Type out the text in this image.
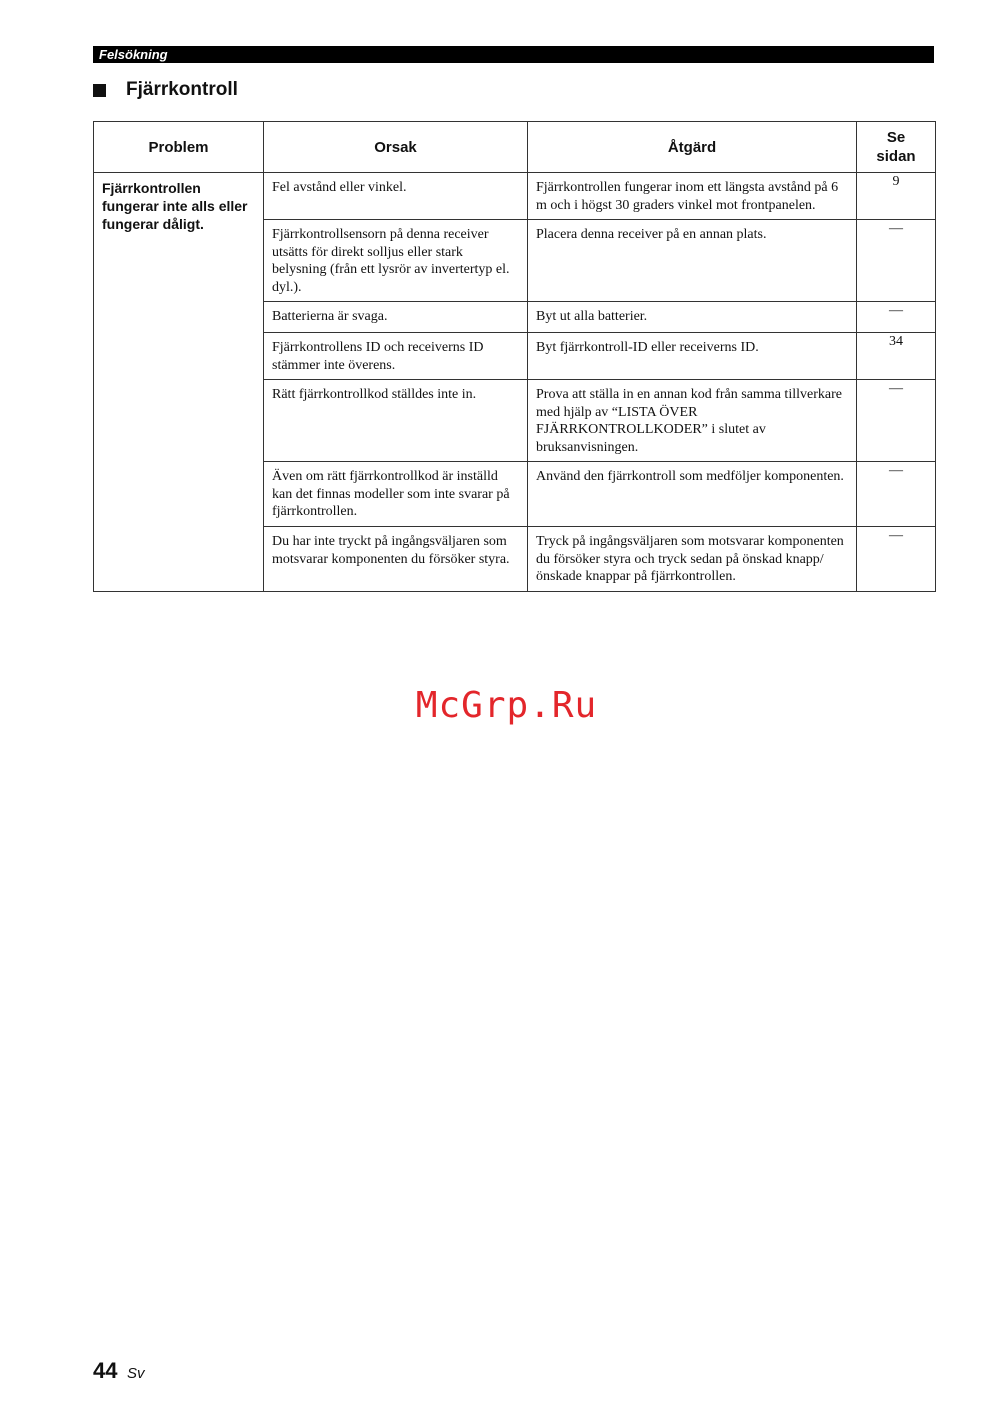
Felsökning
Fjärrkontroll
Problem	Orsak	Åtgärd	Se sidan
Fjärrkontrollen fungerar inte alls eller fungerar dåligt.	Fel avstånd eller vinkel.	Fjärrkontrollen fungerar inom ett längsta avstånd på 6 m och i högst 30 graders vinkel mot frontpanelen.	9
	Fjärrkontrollsensorn på denna receiver utsätts för direkt solljus eller stark belysning (från ett lysrör av invertertyp el. dyl.).	Placera denna receiver på en annan plats.	—
	Batterierna är svaga.	Byt ut alla batterier.	—
	Fjärrkontrollens ID och receiverns ID stämmer inte överens.	Byt fjärrkontroll-ID eller receiverns ID.	34
	Rätt fjärrkontrollkod ställdes inte in.	Prova att ställa in en annan kod från samma tillverkare med hjälp av “LISTA ÖVER FJÄRRKONTROLLKODER” i slutet av bruksanvisningen.	—
	Även om rätt fjärrkontrollkod är inställd kan det finnas modeller som inte svarar på fjärrkontrollen.	Använd den fjärrkontroll som medföljer komponenten.	—
	Du har inte tryckt på ingångsväljaren som motsvarar komponenten du försöker styra.	Tryck på ingångsväljaren som motsvarar komponenten du försöker styra och tryck sedan på önskad knapp/önskade knappar på fjärrkontrollen.	—
McGrp.Ru
44 Sv
